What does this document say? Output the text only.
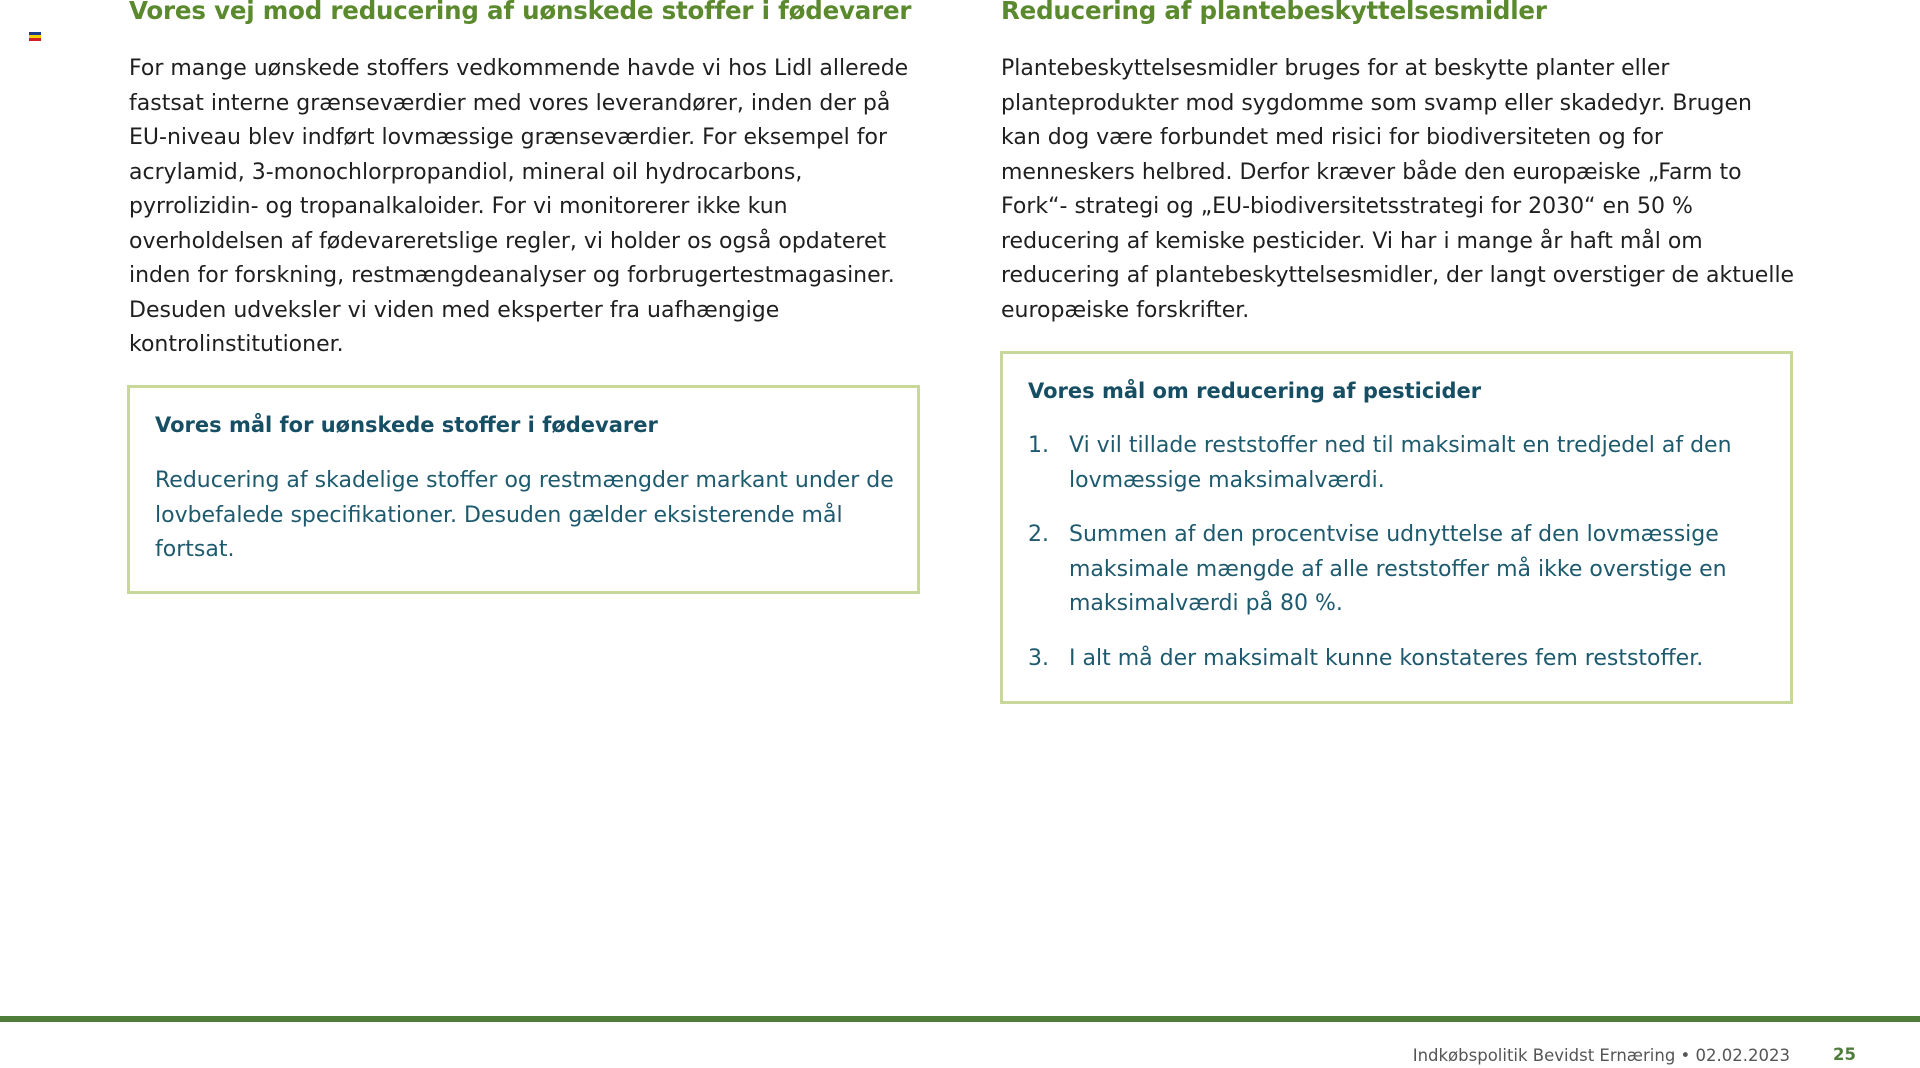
Vores vej mod reducering af uønskede stoffer i fødevarer

For mange uønskede stoffers vedkommende havde vi hos Lidl allerede
fastsat interne grænseværdier med vores leverandører, inden der på
EU-niveau blev indført lovmæssige grænseværdier. For eksempel for
acrylamid, 3-monochlorpropandiol, mineral oil hydrocarbons,
pyrrolizidin- og tropanalkaloider. For vi monitorerer ikke kun
overholdelsen af fødevareretslige regler, vi holder os også opdateret
inden for forskning, restmængdeanalyser og forbrugertestmagasiner.
Desuden udveksler vi viden med eksperter fra uafhængige
kontrolinstitutioner.

Vores mål for uønskede stoffer i fødevarer

Reducering af skadelige stoffer og restmængder markant under de
lovbefalede specifikationer. Desuden gælder eksisterende mål
fortsat.

Reducering af plantebeskyttelsesmidler

Plantebeskyttelsesmidler bruges for at beskytte planter eller
planteprodukter mod sygdomme som svamp eller skadedyr. Brugen
kan dog være forbundet med risici for biodiversiteten og for
menneskers helbred. Derfor kræver både den europæiske „Farm to
Fork“- strategi og „EU-biodiversitetsstrategi for 2030“ en 50 %
reducering af kemiske pesticider. Vi har i mange år haft mål om
reducering af plantebeskyttelsesmidler, der langt overstiger de aktuelle
europæiske forskrifter.

Vores mål om reducering af pesticider
1. Vi vil tillade reststoffer ned til maksimalt en tredjedel af den
lovmæssige maksimalværdi.
2. Summen af den procentvise udnyttelse af den lovmæssige
maksimale mængde af alle reststoffer må ikke overstige en
maksimalværdi på 80 %.
3. I alt må der maksimalt kunne konstateres fem reststoffer.
Indkøbspolitik Bevidst Ernæring • 02.02.2023	25
